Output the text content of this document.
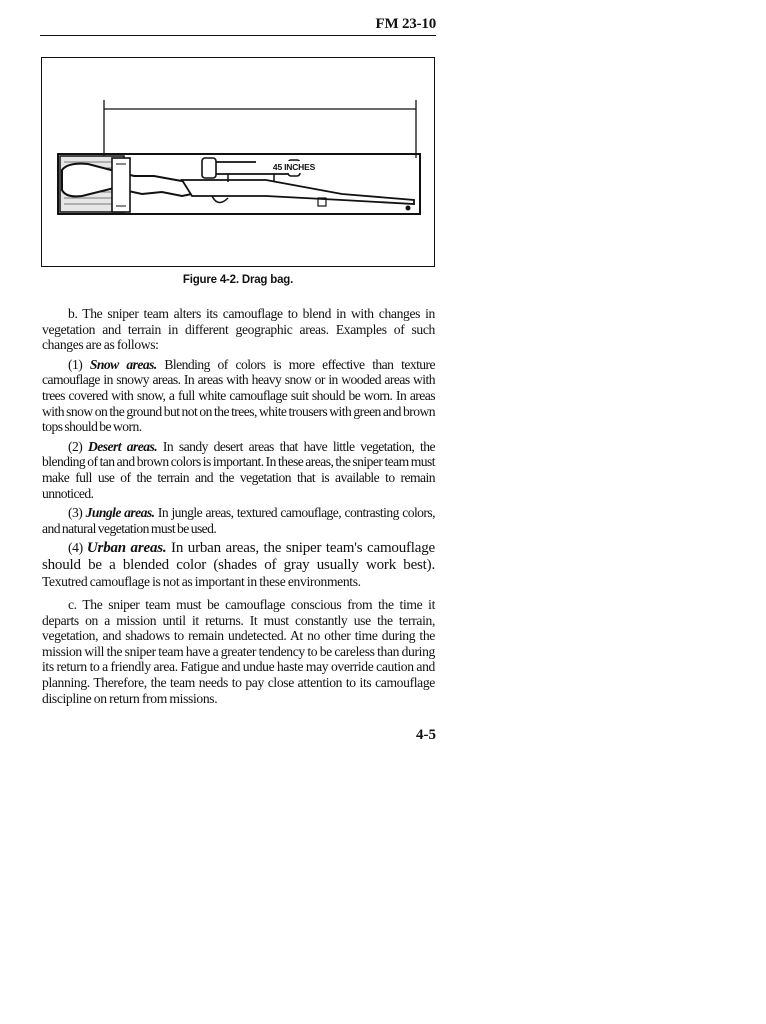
FM 23-10
45 INCHES
Figure 4-2. Drag bag.

b. The sniper team alters its camouflage to blend in with changes in vegetation and terrain in different geographic areas. Examples of such changes are as follows:

(1) Snow areas. Blending of colors is more effective than texture camouflage in snowy areas. In areas with heavy snow or in wooded areas with trees covered with snow, a full white camouflage suit should be worn. In areas with snow on the ground but not on the trees, white trousers with green and brown tops should be worn.

(2) Desert areas. In sandy desert areas that have little vegetation, the blending of tan and brown colors is important. In these areas, the sniper team must make full use of the terrain and the vegetation that is available to remain unnoticed.

(3) Jungle areas. In jungle areas, textured camouflage, contrasting colors, and natural vegetation must be used.

(4) Urban areas. In urban areas, the sniper team's camouflage should be a blended color (shades of gray usually work best). Texutred camouflage is not as important in these environments.

c. The sniper team must be camouflage conscious from the time it departs on a mission until it returns. It must constantly use the terrain, vegetation, and shadows to remain undetected. At no other time during the mission will the sniper team have a greater tendency to be careless than during its return to a friendly area. Fatigue and undue haste may override caution and planning. Therefore, the team needs to pay close attention to its camouflage discipline on return from missions.

4-5
